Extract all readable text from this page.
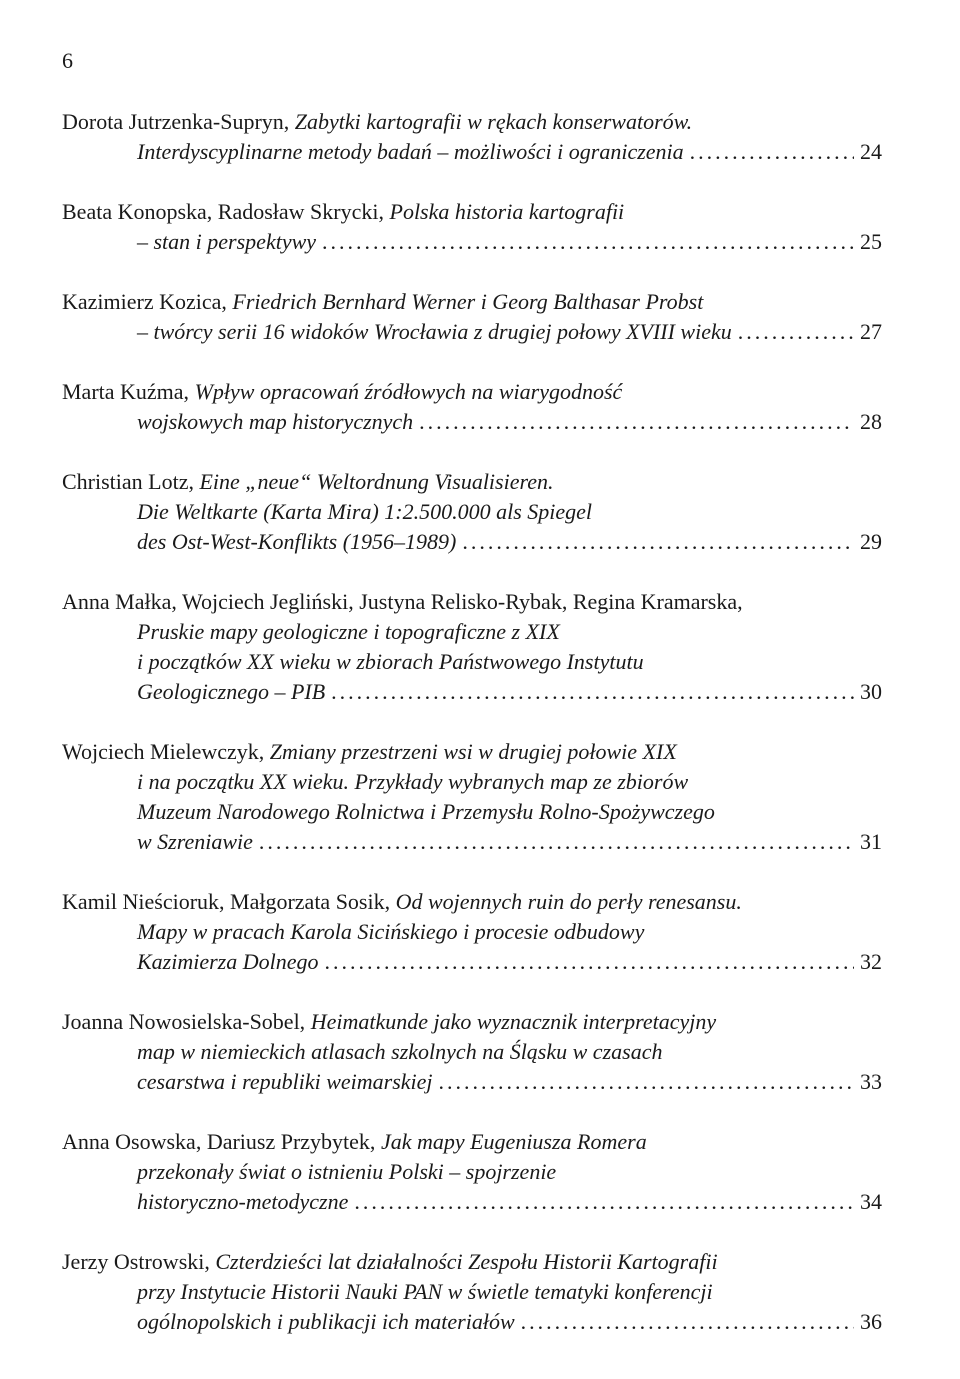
6
Dorota Jutrzenka-Supryn, Zabytki kartografii w rękach konserwatorów.
Interdyscyplinarne metody badań – możliwości i ograniczenia .....	24
Beata Konopska, Radosław Skrycki, Polska historia kartografii
– stan i perspektywy .....	25
Kazimierz Kozica, Friedrich Bernhard Werner i Georg Balthasar Probst
– twórcy serii 16 widoków Wrocławia z drugiej połowy XVIII wieku .....	27
Marta Kuźma, Wpływ opracowań źródłowych na wiarygodność
wojskowych map historycznych .....	28
Christian Lotz, Eine „neue“ Weltordnung Visualisieren.
Die Weltkarte (Karta Mira) 1:2.500.000 als Spiegel
des Ost-West-Konflikts (1956–1989) .....	29
Anna Małka, Wojciech Jegliński, Justyna Relisko-Rybak, Regina Kramarska,
Pruskie mapy geologiczne i topograficzne z XIX
i początków XX wieku w zbiorach Państwowego Instytutu
Geologicznego – PIB .....	30
Wojciech Mielewczyk, Zmiany przestrzeni wsi w drugiej połowie XIX
i na początku XX wieku. Przykłady wybranych map ze zbiorów
Muzeum Narodowego Rolnictwa i Przemysłu Rolno-Spożywczego
w Szreniawie .....	31
Kamil Nieścioruk, Małgorzata Sosik, Od wojennych ruin do perły renesansu.
Mapy w pracach Karola Sicińskiego i procesie odbudowy
Kazimierza Dolnego .....	32
Joanna Nowosielska-Sobel, Heimatkunde jako wyznacznik interpretacyjny
map w niemieckich atlasach szkolnych na Śląsku w czasach
cesarstwa i republiki weimarskiej .....	33
Anna Osowska, Dariusz Przybytek, Jak mapy Eugeniusza Romera
przekonały świat o istnieniu Polski – spojrzenie
historyczno-metodyczne .....	34
Jerzy Ostrowski, Czterdzieści lat działalności Zespołu Historii Kartografii
przy Instytucie Historii Nauki PAN w świetle tematyki konferencji
ogólnopolskich i publikacji ich materiałów .....	36
